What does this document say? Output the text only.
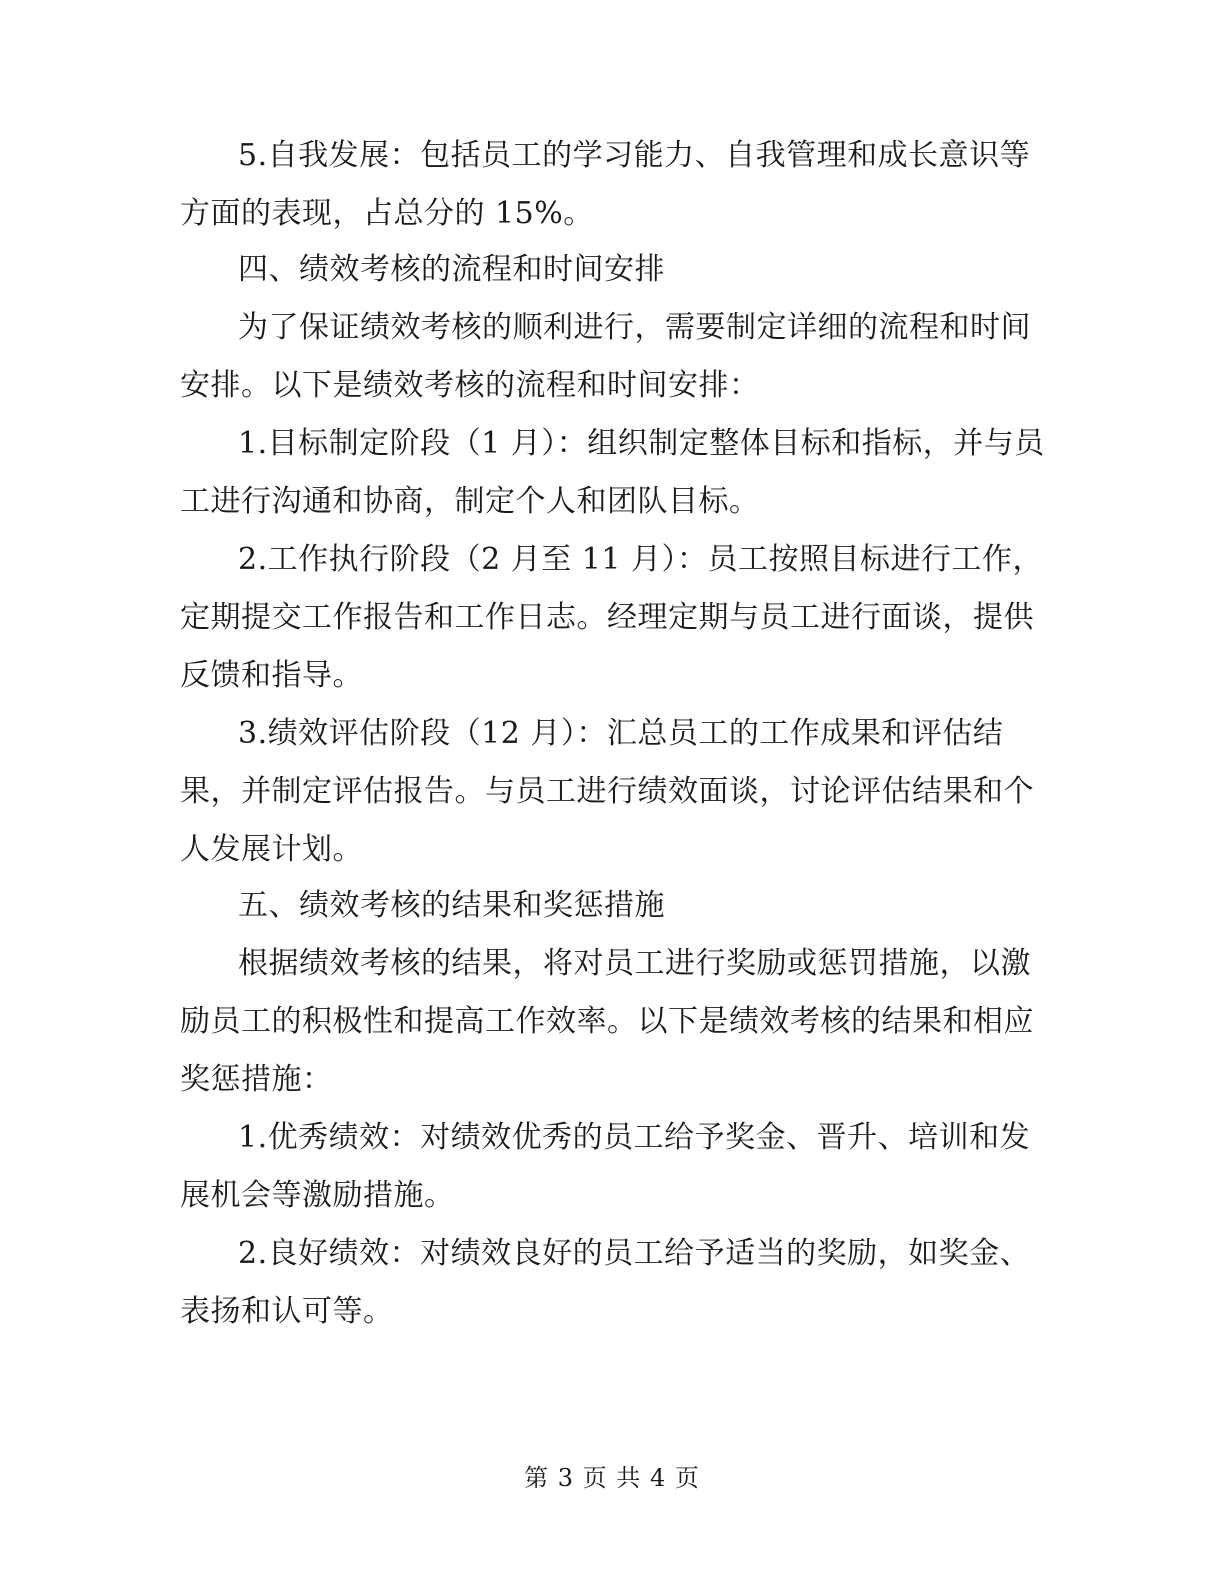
5.自我发展：包括员工的学习能力、自我管理和成长意识等
方面的表现，占总分的 15%。
四、绩效考核的流程和时间安排
为了保证绩效考核的顺利进行，需要制定详细的流程和时间
安排。以下是绩效考核的流程和时间安排：
1.目标制定阶段（1 月）：组织制定整体目标和指标，并与员
工进行沟通和协商，制定个人和团队目标。
2.工作执行阶段（2 月至 11 月）：员工按照目标进行工作，
定期提交工作报告和工作日志。经理定期与员工进行面谈，提供
反馈和指导。
3.绩效评估阶段（12 月）：汇总员工的工作成果和评估结
果，并制定评估报告。与员工进行绩效面谈，讨论评估结果和个
人发展计划。
五、绩效考核的结果和奖惩措施
根据绩效考核的结果，将对员工进行奖励或惩罚措施，以激
励员工的积极性和提高工作效率。以下是绩效考核的结果和相应
奖惩措施：
1.优秀绩效：对绩效优秀的员工给予奖金、晋升、培训和发
展机会等激励措施。
2.良好绩效：对绩效良好的员工给予适当的奖励，如奖金、
表扬和认可等。
第 3 页 共 4 页
